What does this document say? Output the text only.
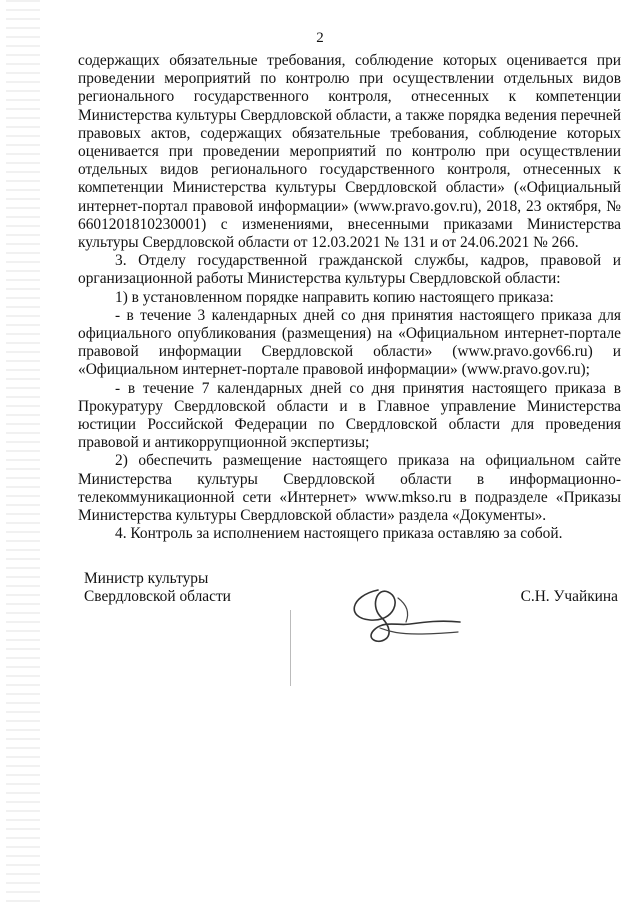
2

содержащих обязательные требования, соблюдение которых оценивается при проведении мероприятий по контролю при осуществлении отдельных видов регионального государственного контроля, отнесенных к компетенции Министерства культуры Свердловской области, а также порядка ведения перечней правовых актов, содержащих обязательные требования, соблюдение которых оценивается при проведении мероприятий по контролю при осуществлении отдельных видов регионального государственного контроля, отнесенных к компетенции Министерства культуры Свердловской области» («Официальный интернет-портал правовой информации» (www.pravo.gov.ru), 2018, 23 октября, № 6601201810230001) с изменениями, внесенными приказами Министерства культуры Свердловской области от 12.03.2021 № 131 и от 24.06.2021 № 266.

3. Отделу государственной гражданской службы, кадров, правовой и организационной работы Министерства культуры Свердловской области:

1) в установленном порядке направить копию настоящего приказа:

- в течение 3 календарных дней со дня принятия настоящего приказа для официального опубликования (размещения) на «Официальном интернет-портале правовой информации Свердловской области» (www.pravo.gov66.ru) и «Официальном интернет-портале правовой информации» (www.pravo.gov.ru);

- в течение 7 календарных дней со дня принятия настоящего приказа в Прокуратуру Свердловской области и в Главное управление Министерства юстиции Российской Федерации по Свердловской области для проведения правовой и антикоррупционной экспертизы;

2) обеспечить размещение настоящего приказа на официальном сайте Министерства культуры Свердловской области в информационно-телекоммуникационной сети «Интернет» www.mkso.ru в подразделе «Приказы Министерства культуры Свердловской области» раздела «Документы».

4. Контроль за исполнением настоящего приказа оставляю за собой.

Министр культуры
Свердловской области	С.Н. Учайкина
